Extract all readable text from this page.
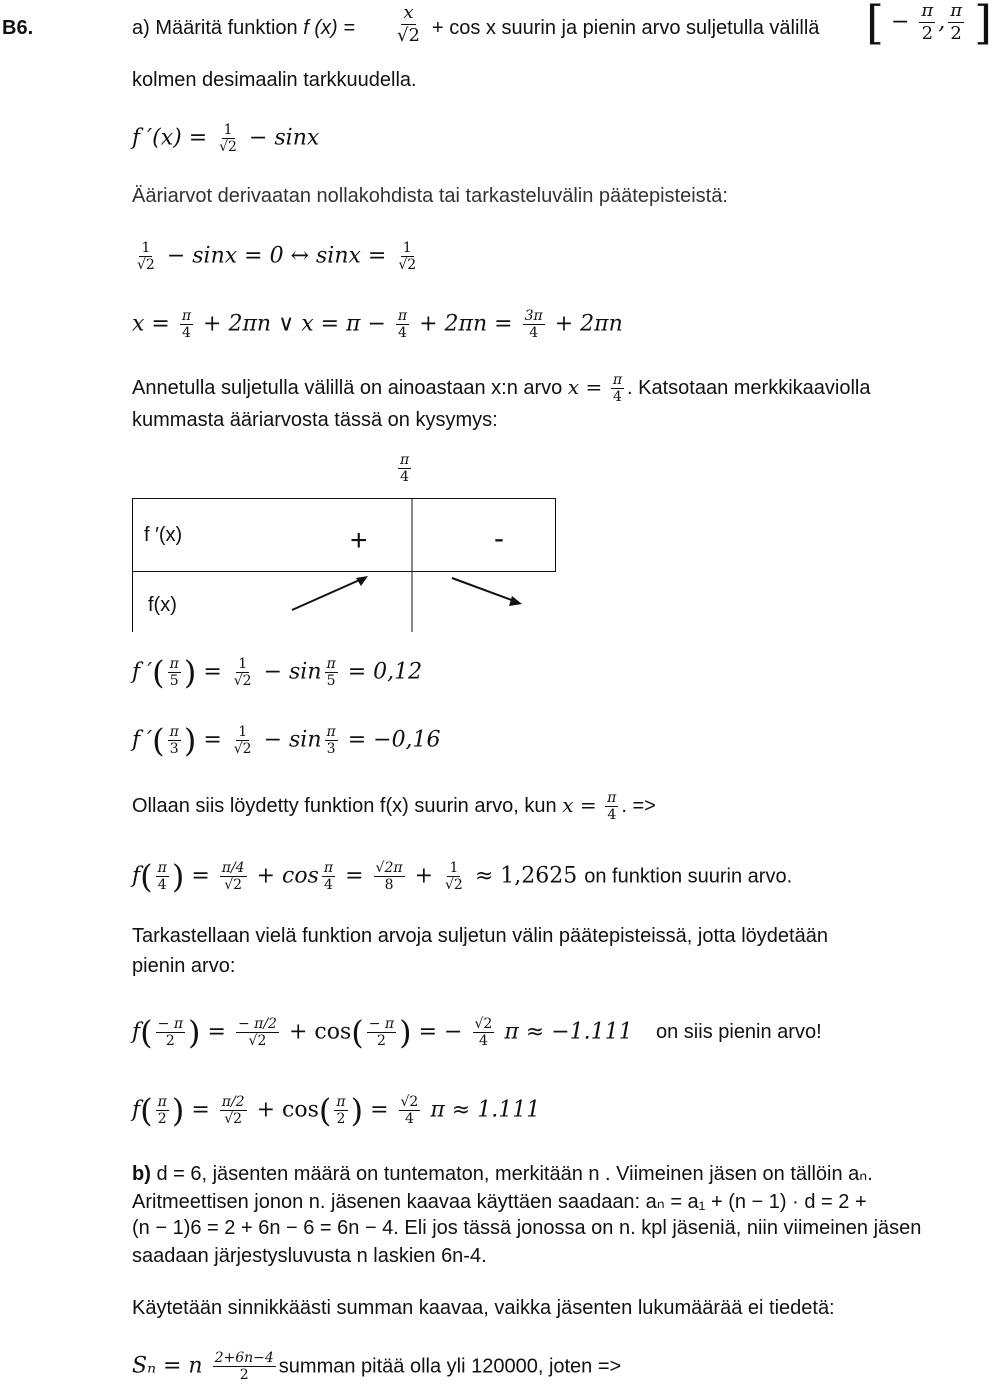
B6.	a) Määritä funktion f $(x) = \frac{x}{√2} + \cos x$ suurin ja pienin arvo suljetulla välillä [ − $\frac{\pi}{2}$ , $\frac{\pi}{2}$ ]
kolmen desimaalin tarkkuudella.
f $'(x) = \frac{1}{√2} - \sin x$
Ääriarvot derivaatan nollakohdista tai tarkasteluvälin päätepisteistä:
$\frac{1}{√2} - \sin x = 0$ ↔ $\sin x = \frac{1}{√2}$
$x = \frac{\pi}{4} + 2\pi n$ ∨ $x = \pi - \frac{\pi}{4} + 2\pi n = \frac{3\pi}{4} + 2\pi n$
Annetulla suljetulla välillä on ainoastaan x:n arvo $x = \frac{\pi}{4}$ . Katsotaan merkkikaaviolla
kummasta ääriarvosta tässä on kysymys:
$\frac{\pi}{4}$
f ′(x)	+	-
f(x)
f ′( $\frac{\pi}{5}$ ) = $\frac{1}{√2} - \sin \frac{\pi}{5} = 0,12$
f ′( $\frac{\pi}{3}$ ) = $\frac{1}{√2} - \sin \frac{\pi}{3} = -0,16$
Ollaan siis löydetty funktion f(x) suurin arvo, kun $x = \frac{\pi}{4}$ . =>
$f( \frac{\pi}{4}$ ) = $\frac{\pi/4}{√2} + \cos \frac{\pi}{4} = \frac{√2\pi}{8} + \frac{1}{√2} \approx 1,2625$ on funktion suurin arvo.
Tarkastellaan vielä funktion arvoja suljetun välin päätepisteissä, jotta löydetään
pienin arvo:
$f( \frac{- \pi}{2}$ ) = $\frac{- \pi/2}{√2} + \cos( \frac{- \pi}{2}$ ) = − $\frac{√2}{4}$ π ≈ −1.111 on siis pienin arvo!
$f( \frac{\pi}{2}$ ) = $\frac{\pi/2}{√2} + \cos( \frac{\pi}{2}$ ) = $\frac{√2}{4}$ π ≈ 1.111
b) d = 6, jäsenten määrä on tuntematon, merkitään n . Viimeinen jäsen on tällöin aₙ.
Aritmeettisen jonon n. jäsenen kaavaa käyttäen saadaan: aₙ = a₁ + (n − 1) · d = 2 +
(n − 1)6 = 2 + 6n − 6 = 6n − 4. Eli jos tässä jonossa on n. kpl jäseniä, niin viimeinen jäsen
saadaan järjestysluvusta n laskien 6n-4.
Käytetään sinnikkäästi summan kaavaa, vaikka jäsenten lukumäärää ei tiedetä:
Sₙ = n $\frac{2+6n-4}{2}$ summan pitää olla yli 120000, joten =>
